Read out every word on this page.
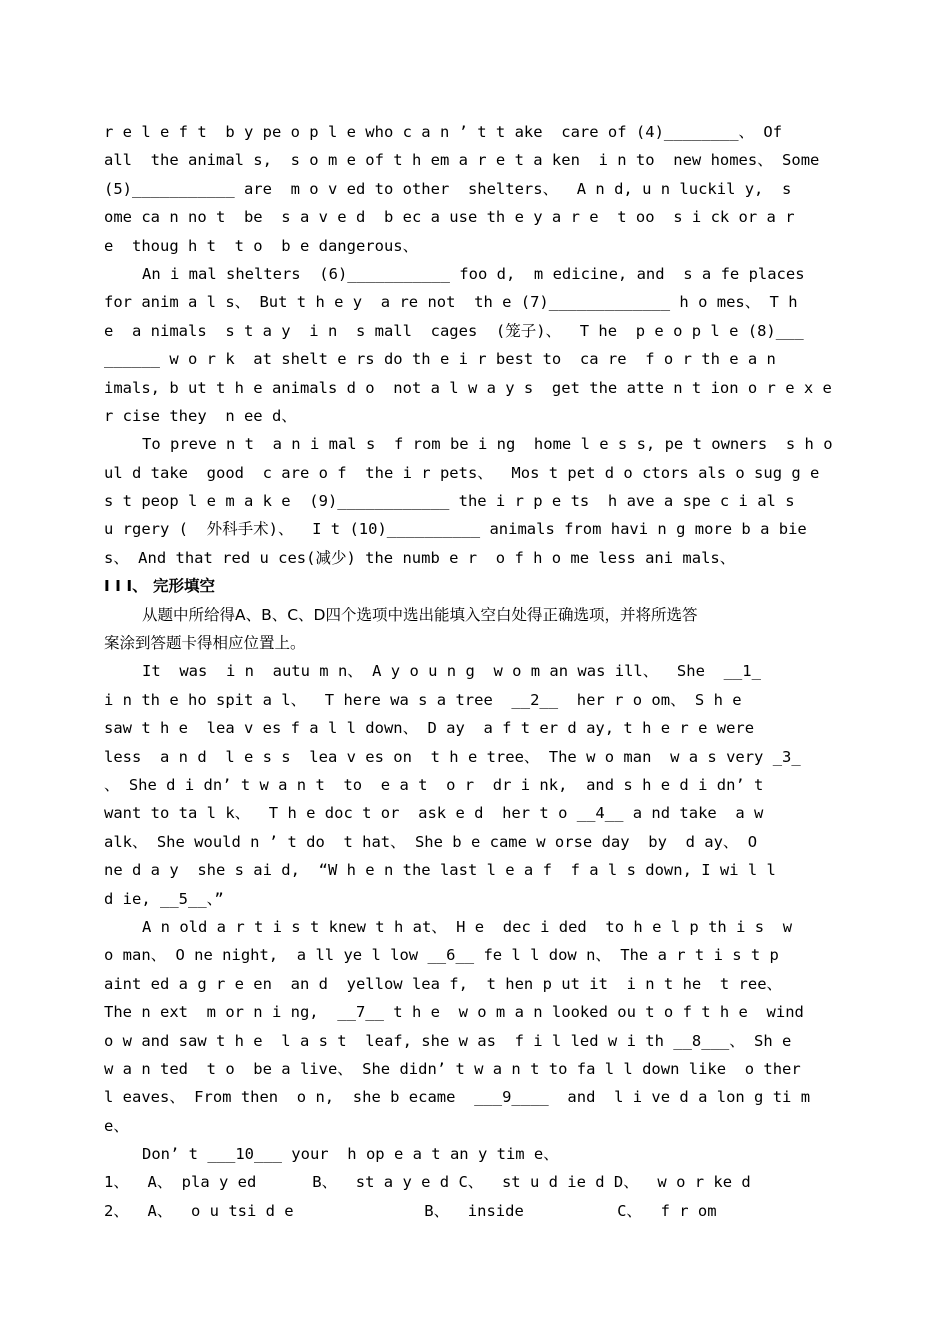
r e l e f t  b y pe o p l e who c a n ’ t t ake  care of (4)________、 Of
all  the animal s,  s o m e of t h em a r e t a ken  i n to  new homes、 Some
(5)___________ are  m o v ed to other  shelters、  A n d, u n luckil y,  s
ome ca n no t  be  s a v e d  b ec a use th e y a r e  t oo  s i ck or a r
e  thoug h t  t o  b e dangerous、
An i mal shelters  (6)___________ foo d,  m edicine, and  s a fe places
for anim a l s、 But t h e y  a re not  th e (7)_____________ h o mes、 T h
e  a nimals  s t a y  i n  s mall  cages  (笼子)、  T he  p e o p l e (8)___
______ w o r k  at shelt e rs do th e i r best to  ca re  f o r th e a n
imals, b ut t h e animals d o  not a l w a y s  get the atte n t ion o r e x e
r cise they  n ee d、
To preve n t  a n i mal s  f rom be i ng  home l e s s, pe t owners  s h o
ul d take  good  c are o f  the i r pets、  Mos t pet d o ctors als o sug g e
s t peop l e m a k e  (9)____________ the i r p e ts  h ave a spe c i al s
u rgery (  外科手术)、  I t (10)__________ animals from havi n g more b a bie
s、 And that red u ces(减少) the numb e r  o f h o me less ani mals、
I I I、 完形填空
从题中所给得A、B、C、D四个选项中选出能填入空白处得正确选项，并将所选答
案涂到答题卡得相应位置上。
It  was  i n  autu m n、 A y o u n g  w o m an was ill、  She  __1_
i n th e ho spit a l、  T here wa s a tree  __2__  her r o om、 S h e
saw t h e  lea v es f a l l down、 D ay  a f t er d ay, t h e r e were
less  a n d  l e s s  lea v es on  t h e tree、 The w o man  w a s very _3_
、 She d i dn’ t w a n t  to  e a t  o r  dr i nk,  and s h e d i dn’ t
want to ta l k、  T h e doc t or  ask e d  her t o __4__ a nd take  a w
alk、 She would n ’ t do  t hat、 She b e came w orse day  by  d ay、 O
ne d a y  she s ai d,  “W h e n the last l e a f  f a l s down, I wi l l
d ie, __5__、”
A n old a r t i s t knew t h at、 H e  dec i ded  to h e l p th i s  w
o man、 O ne night,  a ll ye l low __6__ fe l l dow n、 The a r t i s t p
aint ed a g r e en  an d  yellow lea f,  t hen p ut it  i n t he  t ree、
The n ext  m or n i ng,  __7__ t h e  w o m a n looked ou t o f t h e  wind
o w and saw t h e  l a s t  leaf, she w as  f i l led w i th __8___、 Sh e
w a n ted  t o  be a live、 She didn’ t w a n t to fa l l down like  o ther
l eaves、 From then  o n,  she b ecame  ___9____  and  l i ve d a lon g ti m
e、
Don’ t ___10___ your  h op e a t an y tim e、
1、  A、 pla y ed      B、  st a y e d C、  st u d ie d D、  w o r ke d
2、  A、  o u tsi d e              B、  inside          C、  f r om
